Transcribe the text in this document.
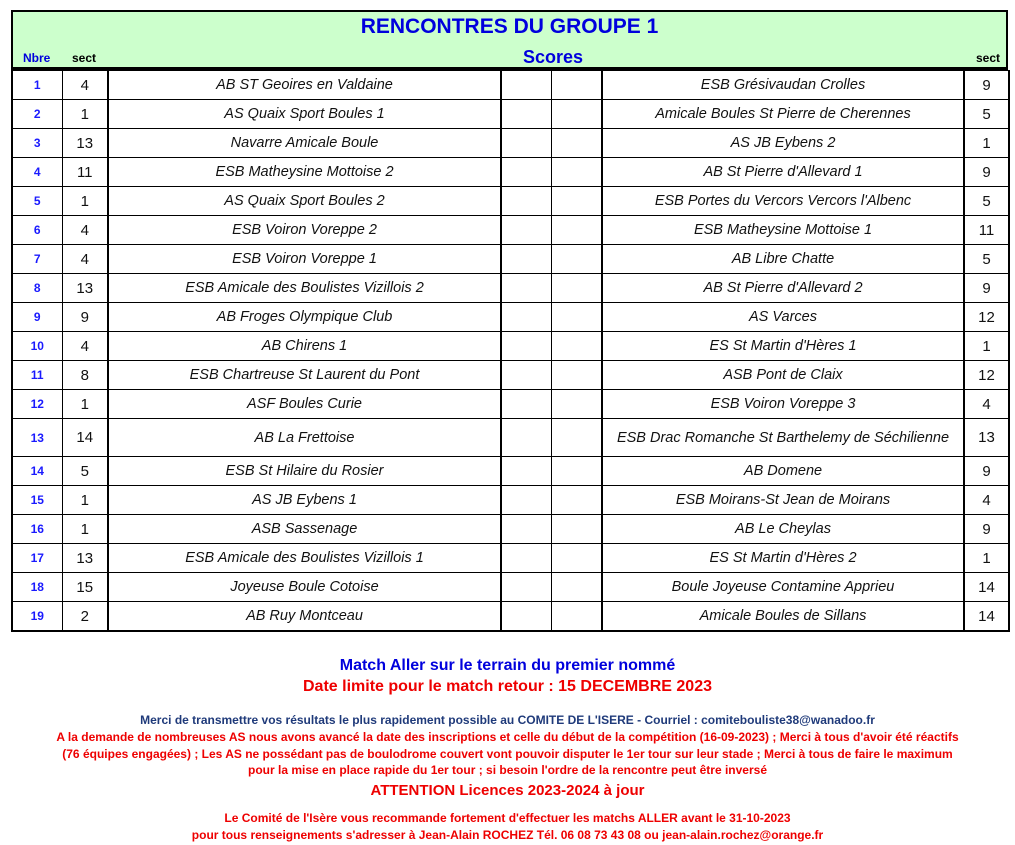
RENCONTRES DU GROUPE 1
Nbre sect	Scores	sect
1	4	AB ST Geoires en Valdaine			ESB Grésivaudan Crolles	9
2	1	AS Quaix Sport Boules 1			Amicale Boules St Pierre de Cherennes	5
3	13	Navarre Amicale Boule			AS JB Eybens 2	1
4	11	ESB Matheysine Mottoise 2			AB St Pierre d'Allevard 1	9
5	1	AS Quaix Sport Boules 2			ESB Portes du Vercors Vercors l'Albenc	5
6	4	ESB Voiron Voreppe 2			ESB Matheysine Mottoise 1	11
7	4	ESB Voiron Voreppe 1			AB Libre Chatte	5
8	13	ESB Amicale des Boulistes Vizillois 2			AB St Pierre d'Allevard 2	9
9	9	AB Froges Olympique Club			AS Varces	12
10	4	AB Chirens 1			ES St Martin d'Hères 1	1
11	8	ESB Chartreuse St Laurent du Pont			ASB Pont de Claix	12
12	1	ASF Boules Curie			ESB Voiron Voreppe 3	4
13	14	AB La Frettoise			ESB Drac Romanche St Barthelemy de Séchilienne	13
14	5	ESB St Hilaire du Rosier			AB Domene	9
15	1	AS JB Eybens 1			ESB Moirans-St Jean de Moirans	4
16	1	ASB Sassenage			AB Le Cheylas	9
17	13	ESB Amicale des Boulistes Vizillois 1			ES St Martin d'Hères 2	1
18	15	Joyeuse Boule Cotoise			Boule Joyeuse Contamine Apprieu	14
19	2	AB Ruy Montceau			Amicale Boules de Sillans	14
Match Aller sur le terrain du premier nommé
Date limite pour le match retour : 15 DECEMBRE 2023
Merci de transmettre vos résultats le plus rapidement possible au COMITE DE L'ISERE - Courriel : comitebouliste38@wanadoo.fr
A la demande de nombreuses AS nous avons avancé la date des inscriptions et celle du début de la compétition (16-09-2023) ; Merci à tous d'avoir été réactifs
(76 équipes engagées) ; Les AS ne possédant pas de boulodrome couvert vont pouvoir disputer le 1er tour sur leur stade ; Merci à tous de faire le maximum
pour la mise en place rapide du 1er tour ; si besoin l'ordre de la rencontre peut être inversé
ATTENTION Licences 2023-2024 à jour
Le Comité de l'Isère vous recommande fortement d'effectuer les matchs ALLER avant le 31-10-2023
pour tous renseignements s'adresser à Jean-Alain ROCHEZ Tél. 06 08 73 43 08 ou jean-alain.rochez@orange.fr
